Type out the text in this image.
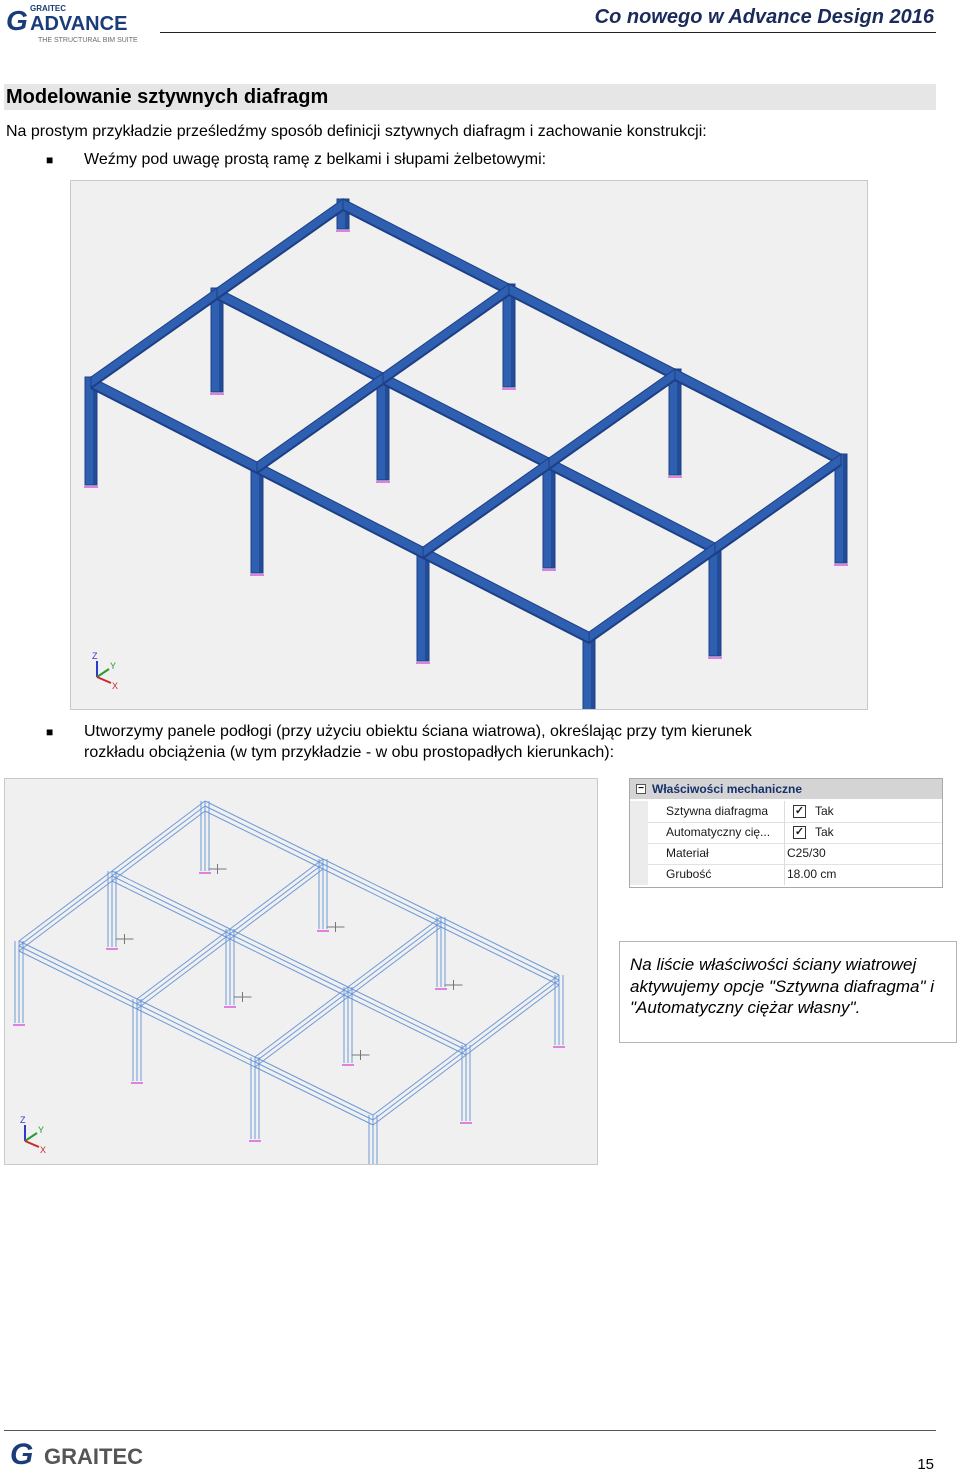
G GRAITEC
ADVANCE
THE STRUCTURAL BIM SUITE
Co nowego w Advance Design 2016
Modelowanie sztywnych diafragm
Na prostym przykładzie prześledźmy sposób definicji sztywnych diafragm i zachowanie konstrukcji:
■ Weźmy pod uwagę prostą ramę z belkami i słupami żelbetowymi:
Z
Y
X
■ Utworzymy panele podłogi (przy użyciu obiektu ściana wiatrowa), określając przy tym kierunek
rozkładu obciążenia (w tym przykładzie - w obu prostopadłych kierunkach):
Z
Y
X
− Właściwości mechaniczne
Sztywna diafragma ✓ Tak
Automatyczny cię... ✓ Tak
Materiał	C25/30
Grubość	18.00 cm
Na liście właściwości ściany wiatrowej aktywujemy opcje "Sztywna diafragma" i "Automatyczny ciężar własny".
G GRAITEC	15
